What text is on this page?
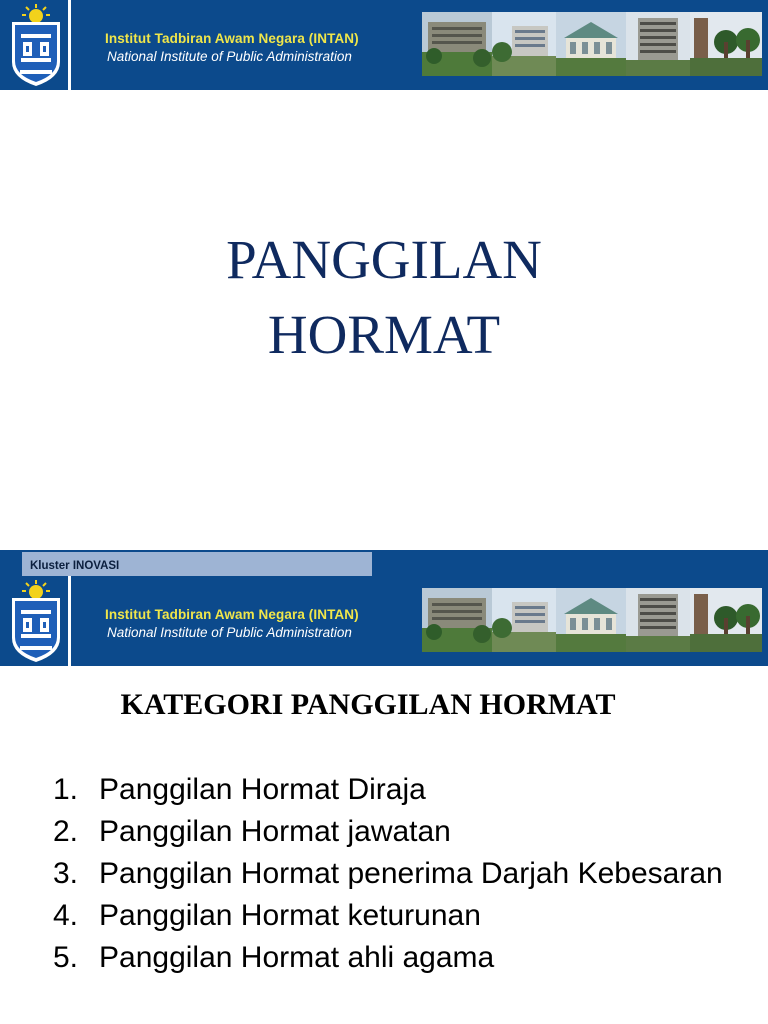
Institut Tadbiran Awam Negara (INTAN)
National Institute of Public Administration
PANGGILAN
HORMAT
Kluster INOVASI
Institut Tadbiran Awam Negara (INTAN)
National Institute of Public Administration
KATEGORI PANGGILAN HORMAT
1. Panggilan Hormat Diraja
2. Panggilan Hormat jawatan
3. Panggilan Hormat penerima Darjah Kebesaran
4. Panggilan Hormat keturunan
5. Panggilan Hormat ahli agama
